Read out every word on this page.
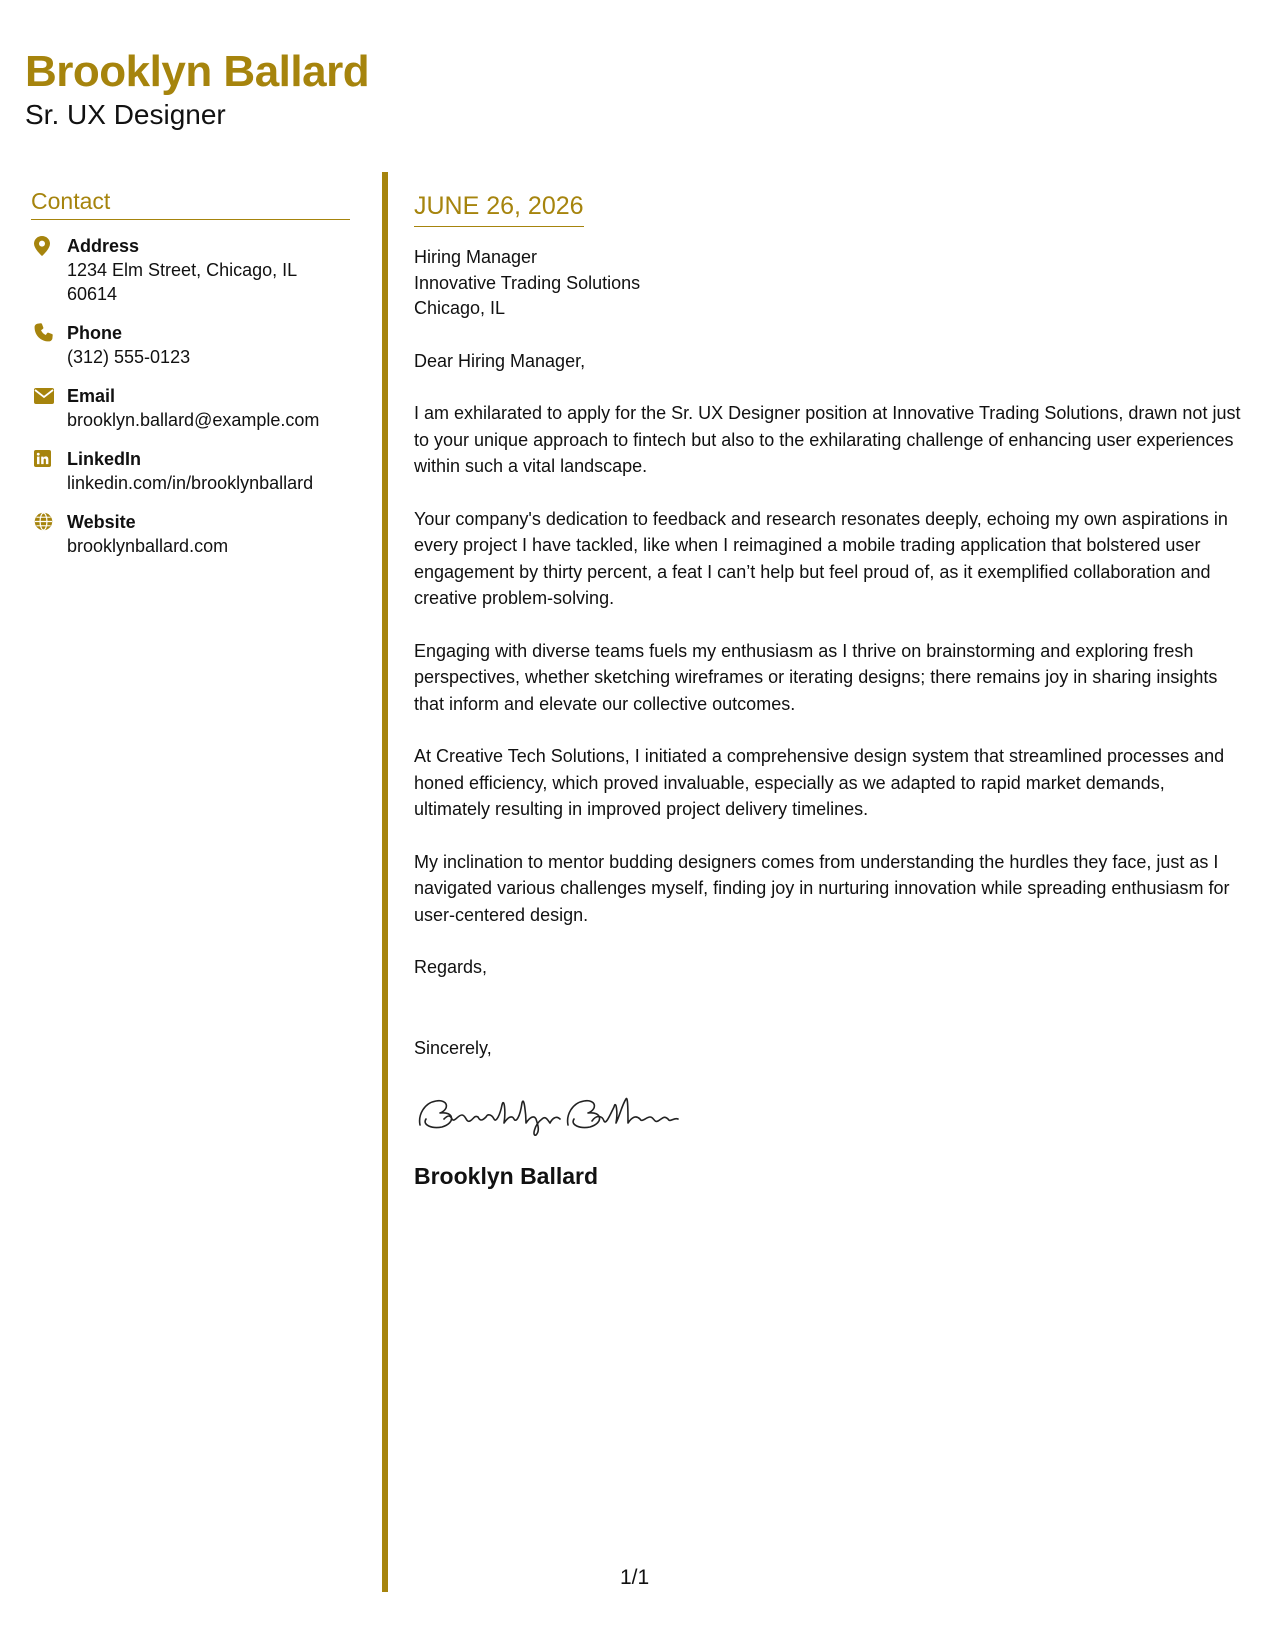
Brooklyn Ballard
Sr. UX Designer
Contact
Address
1234 Elm Street, Chicago, IL 60614
Phone
(312) 555-0123
Email
brooklyn.ballard@example.com
LinkedIn
linkedin.com/in/brooklynballard
Website
brooklynballard.com
JUNE 26, 2026
Hiring Manager
Innovative Trading Solutions
Chicago, IL
Dear Hiring Manager,
I am exhilarated to apply for the Sr. UX Designer position at Innovative Trading Solutions, drawn not just to your unique approach to fintech but also to the exhilarating challenge of enhancing user experiences within such a vital landscape.
Your company's dedication to feedback and research resonates deeply, echoing my own aspirations in every project I have tackled, like when I reimagined a mobile trading application that bolstered user engagement by thirty percent, a feat I can’t help but feel proud of, as it exemplified collaboration and creative problem-solving.
Engaging with diverse teams fuels my enthusiasm as I thrive on brainstorming and exploring fresh perspectives, whether sketching wireframes or iterating designs; there remains joy in sharing insights that inform and elevate our collective outcomes.
At Creative Tech Solutions, I initiated a comprehensive design system that streamlined processes and honed efficiency, which proved invaluable, especially as we adapted to rapid market demands, ultimately resulting in improved project delivery timelines.
My inclination to mentor budding designers comes from understanding the hurdles they face, just as I navigated various challenges myself, finding joy in nurturing innovation while spreading enthusiasm for user-centered design.
Regards,
Sincerely,
Brooklyn Ballard
1/1
